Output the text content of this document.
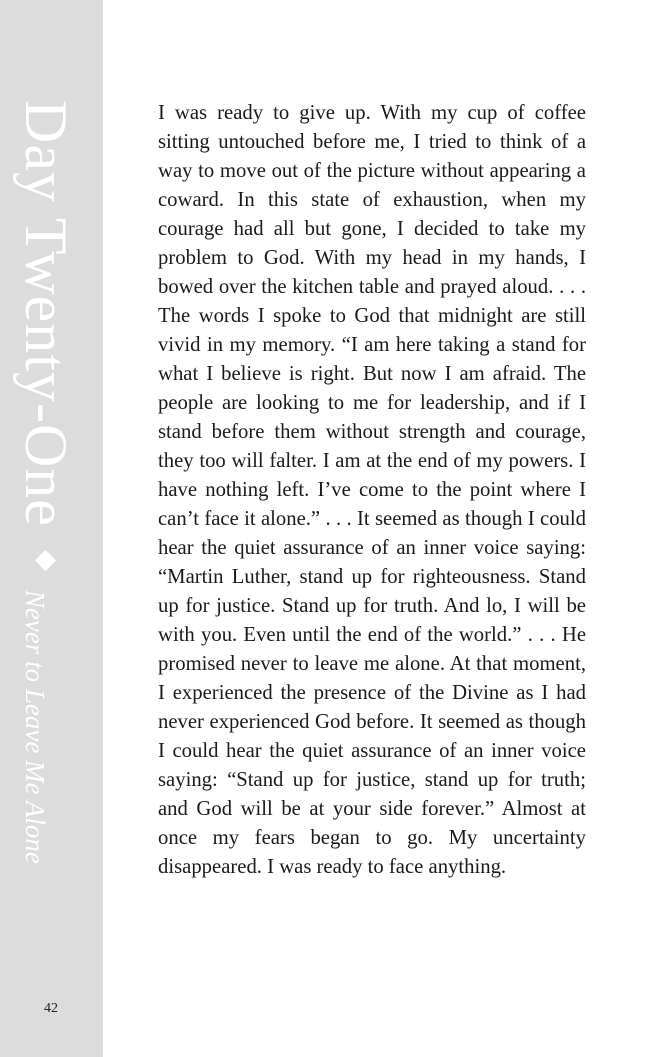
Day Twenty-One
Never to Leave Me Alone
42

I was ready to give up. With my cup of coffee sitting untouched before me, I tried to think of a way to move out of the picture without appearing a coward. In this state of exhaustion, when my courage had all but gone, I decided to take my problem to God. With my head in my hands, I bowed over the kitchen table and prayed aloud. . . . The words I spoke to God that midnight are still vivid in my memory. “I am here taking a stand for what I believe is right. But now I am afraid. The people are looking to me for leadership, and if I stand before them without strength and courage, they too will falter. I am at the end of my powers. I have nothing left. I’ve come to the point where I can’t face it alone.” . . . It seemed as though I could hear the quiet assurance of an inner voice saying: “Martin Luther, stand up for righteousness. Stand up for justice. Stand up for truth. And lo, I will be with you. Even until the end of the world.” . . . He promised never to leave me alone. At that moment, I experienced the presence of the Divine as I had never experienced God before. It seemed as though I could hear the quiet assurance of an inner voice saying: “Stand up for justice, stand up for truth; and God will be at your side forever.” Almost at once my fears began to go. My uncertainty disappeared. I was ready to face anything.
